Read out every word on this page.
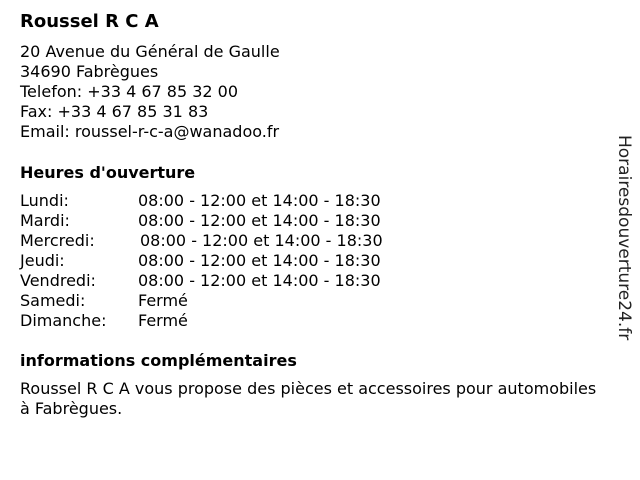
Roussel R C A
20 Avenue du Général de Gaulle
34690 Fabrègues
Telefon: +33 4 67 85 32 00
Fax: +33 4 67 85 31 83
Email: roussel-r-c-a@wanadoo.fr
Heures d'ouverture
Lundi:	08:00 - 12:00 et 14:00 - 18:30
Mardi:	08:00 - 12:00 et 14:00 - 18:30
Mercredi:	08:00 - 12:00 et 14:00 - 18:30
Jeudi:	08:00 - 12:00 et 14:00 - 18:30
Vendredi:	08:00 - 12:00 et 14:00 - 18:30
Samedi:	Fermé
Dimanche: Fermé
informations complémentaires
Roussel R C A vous propose des pièces et accessoires pour automobiles à Fabrègues.
Horairesdouverture24.fr
